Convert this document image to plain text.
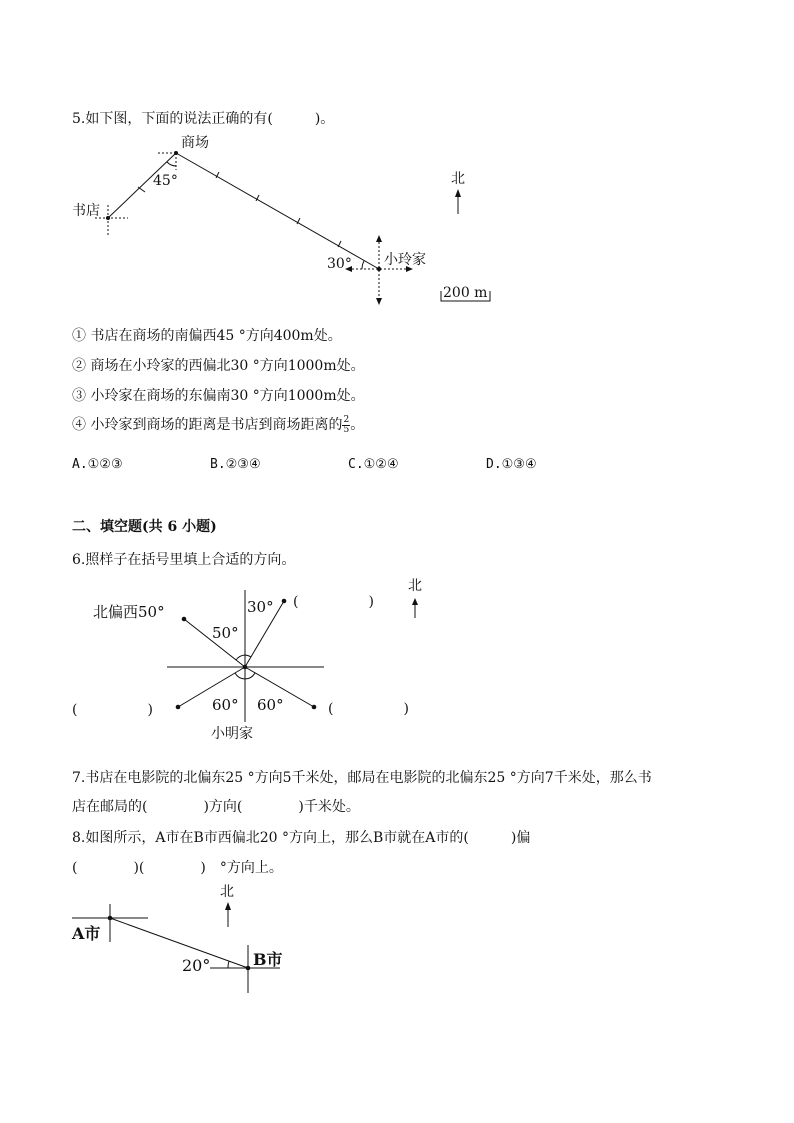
5.如下图，下面的说法正确的有(　　　)。
商场
书店
45°
30° 小玲家
北
200 m
① 书店在商场的南偏西45 °方向400m处。
② 商场在小玲家的西偏北30 °方向1000m处。
③ 小玲家在商场的东偏南30 °方向1000m处。
④ 小玲家到商场的距离是书店到商场距离的 $\frac{2}{5}$ 。
A.①②③	B.②③④	C.①②④	D.①③④
二、填空题(共 6 小题)
6.照样子在括号里填上合适的方向。
北偏西50°
50°
30°
60° 60°
小明家
(　　　　　)
(　　　　　)	(　　　　　)
北
7.书店在电影院的北偏东25 °方向5千米处，邮局在电影院的北偏东25 °方向7千米处，那么书
店在邮局的(　　　　)方向(　　　　)千米处。
8.如图所示，A市在B市西偏北20 °方向上，那么B市就在A市的(　　　)偏
(　　　　)(　　　　)　°方向上。
A市
B市
20°
北
